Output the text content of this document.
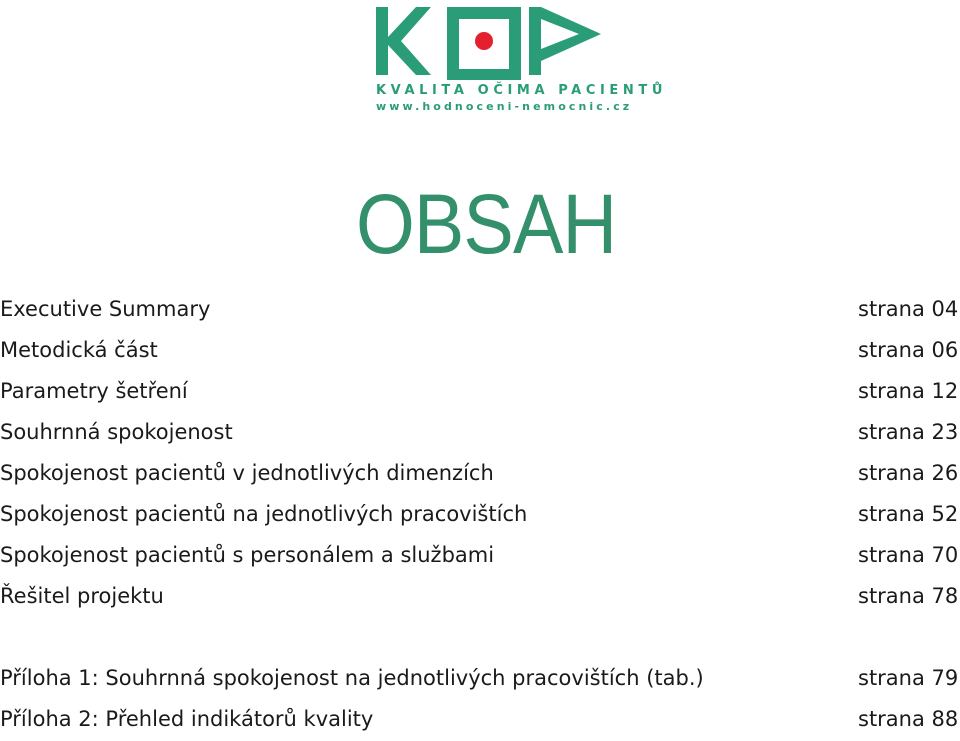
KVALITA OČIMA PACIENTŮ
www.hodnoceni-nemocnic.cz
OBSAH
Executive Summary	strana 04
Metodická část	strana 06
Parametry šetření	strana 12
Souhrnná spokojenost	strana 23
Spokojenost pacientů v jednotlivých dimenzích	strana 26
Spokojenost pacientů na jednotlivých pracovištích	strana 52
Spokojenost pacientů s personálem a službami	strana 70
Řešitel projektu	strana 78
Příloha 1: Souhrnná spokojenost na jednotlivých pracovištích (tab.)	strana 79
Příloha 2: Přehled indikátorů kvality	strana 88
